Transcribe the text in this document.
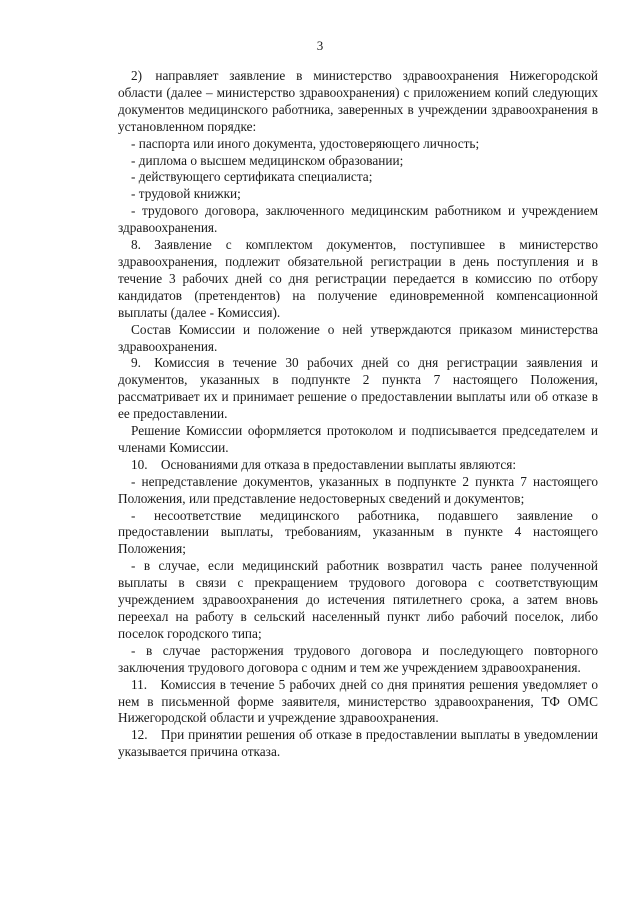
3

2) направляет заявление в министерство здравоохранения Нижегородской области (далее – министерство здравоохранения) с приложением копий следующих документов медицинского работника, заверенных в учреждении здравоохранения в установленном порядке:

- паспорта или иного документа, удостоверяющего личность;

- диплома о высшем медицинском образовании;

- действующего сертификата специалиста;

- трудовой книжки;

- трудового договора, заключенного медицинским работником и учреждением здравоохранения.

8. Заявление с комплектом документов, поступившее в министерство здравоохранения, подлежит обязательной регистрации в день поступления и в течение 3 рабочих дней со дня регистрации передается в комиссию по отбору кандидатов (претендентов) на получение единовременной компенсационной выплаты (далее - Комиссия).

Состав Комиссии и положение о ней утверждаются приказом министерства здравоохранения.

9. Комиссия в течение 30 рабочих дней со дня регистрации заявления и документов, указанных в подпункте 2 пункта 7 настоящего Положения, рассматривает их и принимает решение о предоставлении выплаты или об отказе в ее предоставлении.

Решение Комиссии оформляется протоколом и подписывается председателем и членами Комиссии.

10. Основаниями для отказа в предоставлении выплаты являются:

- непредставление документов, указанных в подпункте 2 пункта 7 настоящего Положения, или представление недостоверных сведений и документов;

- несоответствие медицинского работника, подавшего заявление о предоставлении выплаты, требованиям, указанным в пункте 4 настоящего Положения;

- в случае, если медицинский работник возвратил часть ранее полученной выплаты в связи с прекращением трудового договора с соответствующим учреждением здравоохранения до истечения пятилетнего срока, а затем вновь переехал на работу в сельский населенный пункт либо рабочий поселок, либо поселок городского типа;

- в случае расторжения трудового договора и последующего повторного заключения трудового договора с одним и тем же учреждением здравоохранения.

11. Комиссия в течение 5 рабочих дней со дня принятия решения уведомляет о нем в письменной форме заявителя, министерство здравоохранения, ТФ ОМС Нижегородской области и учреждение здравоохранения.

12. При принятии решения об отказе в предоставлении выплаты в уведомлении указывается причина отказа.
